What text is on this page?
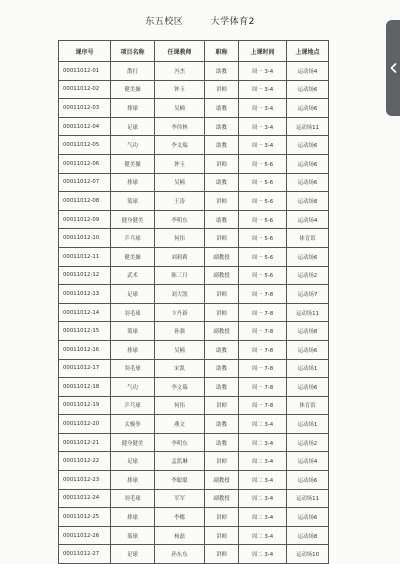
东五校区	大学体育2
课序号	项目名称	任课教师	职称	上课时间	上课地点
00011012-01	散打	冯杰	助教	周一 3-4	运动场4
00011012-02	健美操	钟玉	讲师	周一 3-4	运动场6
00011012-03	排球	吴楠	助教	周一 3-4	运动场6
00011012-04	足球	李伟林	助教	周一 3-4	运动场11
00011012-05	气功	李文瑞	助教	周一 3-4	运动场6
00011012-06	健美操	钟玉	讲师	周一 5-6	运动场6
00011012-07	排球	吴楠	助教	周一 5-6	运动场6
00011012-08	篮球	王涛	讲师	周一 5-6	运动场8
00011012-09	健身健美	李明东	助教	周一 5-6	运动场4
00011012-10	乒乓球	何伟	讲师	周一 5-6	体育馆
00011012-11	健美操	刘莉莉	副教授	周一 5-6	运动场6
00011012-12	武术	陈三月	副教授	周一 5-6	运动场2
00011012-13	足球	刘大凯	讲师	周一 7-8	运动场7
00011012-14	羽毛球	卞丹新	讲师	周一 7-8	运动场11
00011012-15	篮球	孙强	副教授	周一 7-8	运动场8
00011012-16	排球	吴楠	助教	周一 7-8	运动场6
00011012-17	羽毛球	宋凯	助教	周一 7-8	运动场1
00011012-18	气功	李文瑞	助教	周一 7-8	运动场6
00011012-19	乒乓球	何伟	讲师	周一 7-8	体育馆
00011012-20	太极拳	燕文	助教	周二 3-4	运动场1
00011012-21	健身健美	李明东	助教	周二 3-4	运动场2
00011012-22	足球	孟凯琳	讲师	周二 3-4	运动场4
00011012-23	排球	李聪聪	副教授	周二 3-4	运动场6
00011012-24	羽毛球	军军	副教授	周二 3-4	运动场11
00011012-25	排球	李娜	讲师	周二 3-4	运动场6
00011012-26	篮球	杨磊	讲师	周二 3-4	运动场8
00011012-27	足球	孙东东	讲师	周二 3-4	运动场10
